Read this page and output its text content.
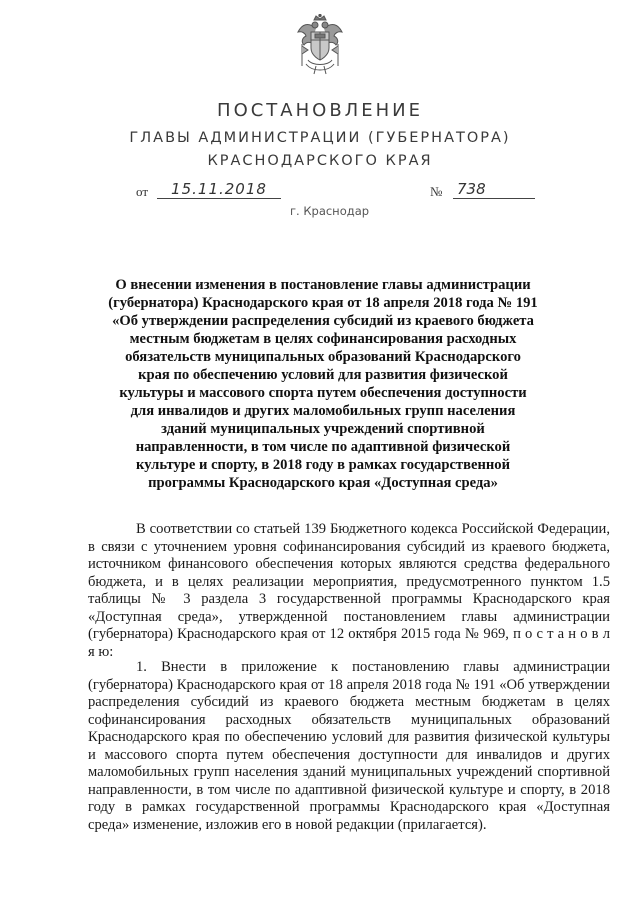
ПОСТАНОВЛЕНИЕ
ГЛАВЫ АДМИНИСТРАЦИИ (ГУБЕРНАТОРА)
КРАСНОДАРСКОГО КРАЯ
от	15.11.2018	№ 738
г. Краснодар
О внесении изменения в постановление главы администрации (губернатора) Краснодарского края от 18 апреля 2018 года № 191 «Об утверждении распределения субсидий из краевого бюджета местным бюджетам в целях софинансирования расходных обязательств муниципальных образований Краснодарского края по обеспечению условий для развития физической культуры и массового спорта путем обеспечения доступности для инвалидов и других маломобильных групп населения зданий муниципальных учреждений спортивной направленности, в том числе по адаптивной физической культуре и спорту, в 2018 году в рамках государственной программы Краснодарского края «Доступная среда»
В соответствии со статьей 139 Бюджетного кодекса Российской Федерации, в связи с уточнением уровня софинансирования субсидий из краевого бюджета, источником финансового обеспечения которых являются средства федерального бюджета, и в целях реализации мероприятия, предусмотренного пунктом 1.5 таблицы № 3 раздела 3 государственной программы Краснодарского края «Доступная среда», утвержденной постановлением главы администрации (губернатора) Краснодарского края от 12 октября 2015 года № 969, п о с т а н о в л я ю:
1. Внести в приложение к постановлению главы администрации (губернатора) Краснодарского края от 18 апреля 2018 года № 191 «Об утверждении распределения субсидий из краевого бюджета местным бюджетам в целях софинансирования расходных обязательств муниципальных образований Краснодарского края по обеспечению условий для развития физической культуры и массового спорта путем обеспечения доступности для инвалидов и других маломобильных групп населения зданий муниципальных учреждений спортивной направленности, в том числе по адаптивной физической культуре и спорту, в 2018 году в рамках государственной программы Краснодарского края «Доступная среда» изменение, изложив его в новой редакции (прилагается).
